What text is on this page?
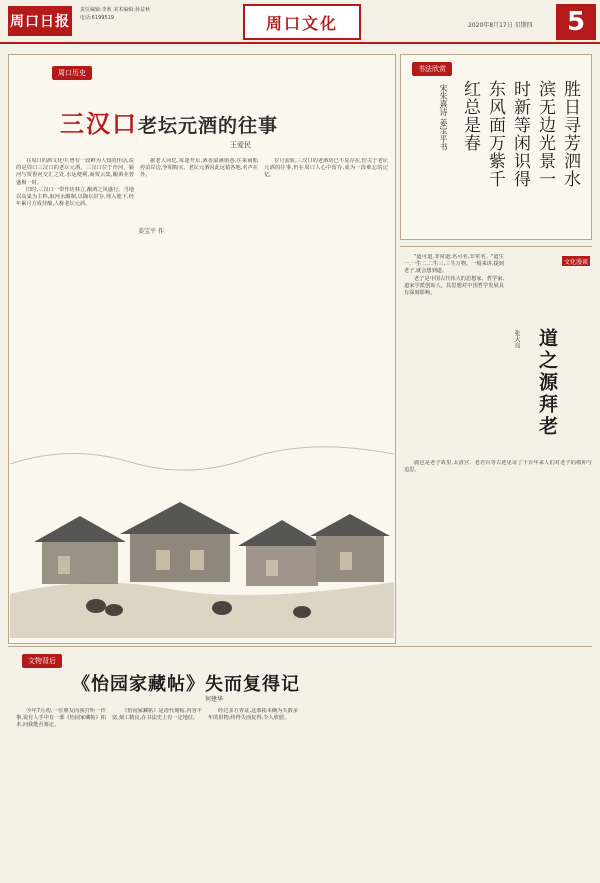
周口日报
责任编辑:李莉 美术编辑:孙益秋
电话:6199519	周口文化	2020年8月17日 星期四	5
周口历史
三汉口老坛元酒的往事
王爱民

在周口的酒文化中,曾有一段鲜为人知的佳话,说的是周口三汉口的老坛元酒。三汉口位于沙河、颍河与贾鲁河交汇之处,水运便利,商贾云集,酿酒业曾盛极一时。

旧时,三汉口一带作坊林立,酿酒之风盛行。当地以高粱为主料,取河水酿制,以陶坛封存,埋入地下,经年累月方成佳酿,人称老坛元酒。

据老人回忆,每逢开坛,酒香溢满街巷,往来商船停泊岸边,争相购买。老坛元酒因此远销各地,名声在外。

岁月流转,三汉口的老酒坊已不复存在,但关于老坛元酒的往事,仍在周口人心中留存,成为一段难忘的记忆。

书法欣赏
胜日寻芳泗水
滨无边光景一
时新等闲识得
东风面万紫千
红总是春
宋朱熹诗 姜宝平书
姜宝平 作
文化漫谈
道之源拜老
张大良

"道可道,非常道;名可名,非常名。"道生一,一生二,二生三,三生万物。一般来讲,提到老子,就会想到道。

老子是中国古代伟大的思想家、哲学家,道家学派创始人。其思想对中国哲学发展具有深刻影响。

鹿邑是老子故里,太清宫、老君台等古迹见证了千百年来人们对老子的敬仰与追思。

文物背后
《怡园家藏帖》失而复得记
何建华

今年7月初,一位朋友向我打听一件事,说有人手中有一部《怡园家藏帖》拓本,问我能否鉴定。

《怡园家藏帖》是清代刻帖,内容丰富,刻工精良,在书法史上有一定地位。

经过多方查证,这部拓本确为失散多年的旧物,终得失而复得,令人欣慰。
